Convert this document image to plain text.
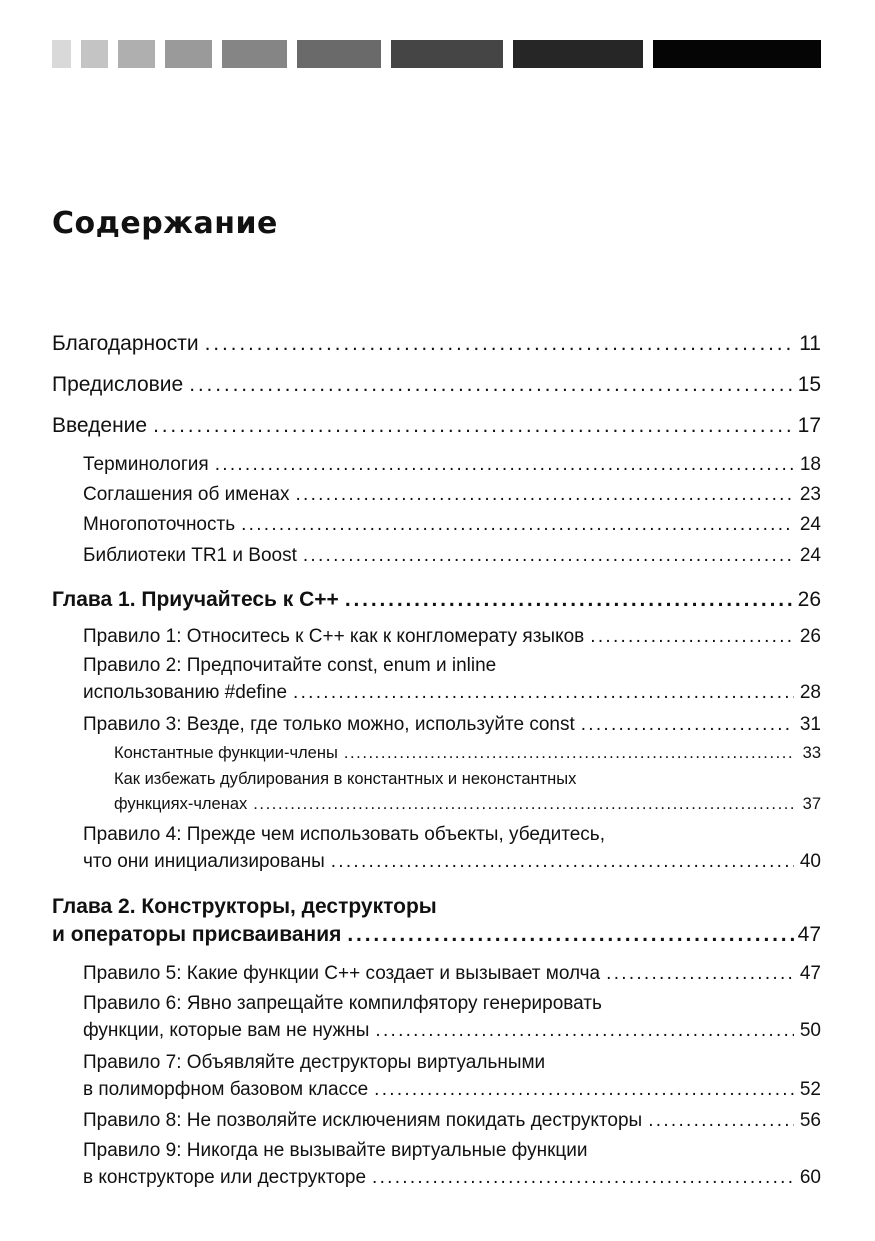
Содержание
Благодарности . . .	11
Предисловие . . .	15
Введение . . .	17
Терминология . . .	18
Соглашения об именах . . .	23
Многопоточность . . .	24
Библиотеки TR1 и Boost . . .	24
Глава 1. Приучайтесь к C++ . . .	26
Правило 1: Относитесь к C++ как к конгломерату языков . . .	26
Правило 2: Предпочитайте const, enum и inline
использованию #define . . .	28
Правило 3: Везде, где только можно, используйте const . . .	31
Константные функции-члены . . .	33
Как избежать дублирования в константных и неконстантных
функциях-членах . . .	37
Правило 4: Прежде чем использовать объекты, убедитесь,
что они инициализированы . . .	40
Глава 2. Конструкторы, деструкторы
и операторы присваивания . . .	47
Правило 5: Какие функции C++ создает и вызывает молча . . .	47
Правило 6: Явно запрещайте компилфятору генерировать
функции, которые вам не нужны . . .	50
Правило 7: Объявляйте деструкторы виртуальными
в полиморфном базовом классе . . .	52
Правило 8: Не позволяйте исключениям покидать деструкторы . . .	56
Правило 9: Никогда не вызывайте виртуальные функции
в конструкторе или деструкторе . . .	60
